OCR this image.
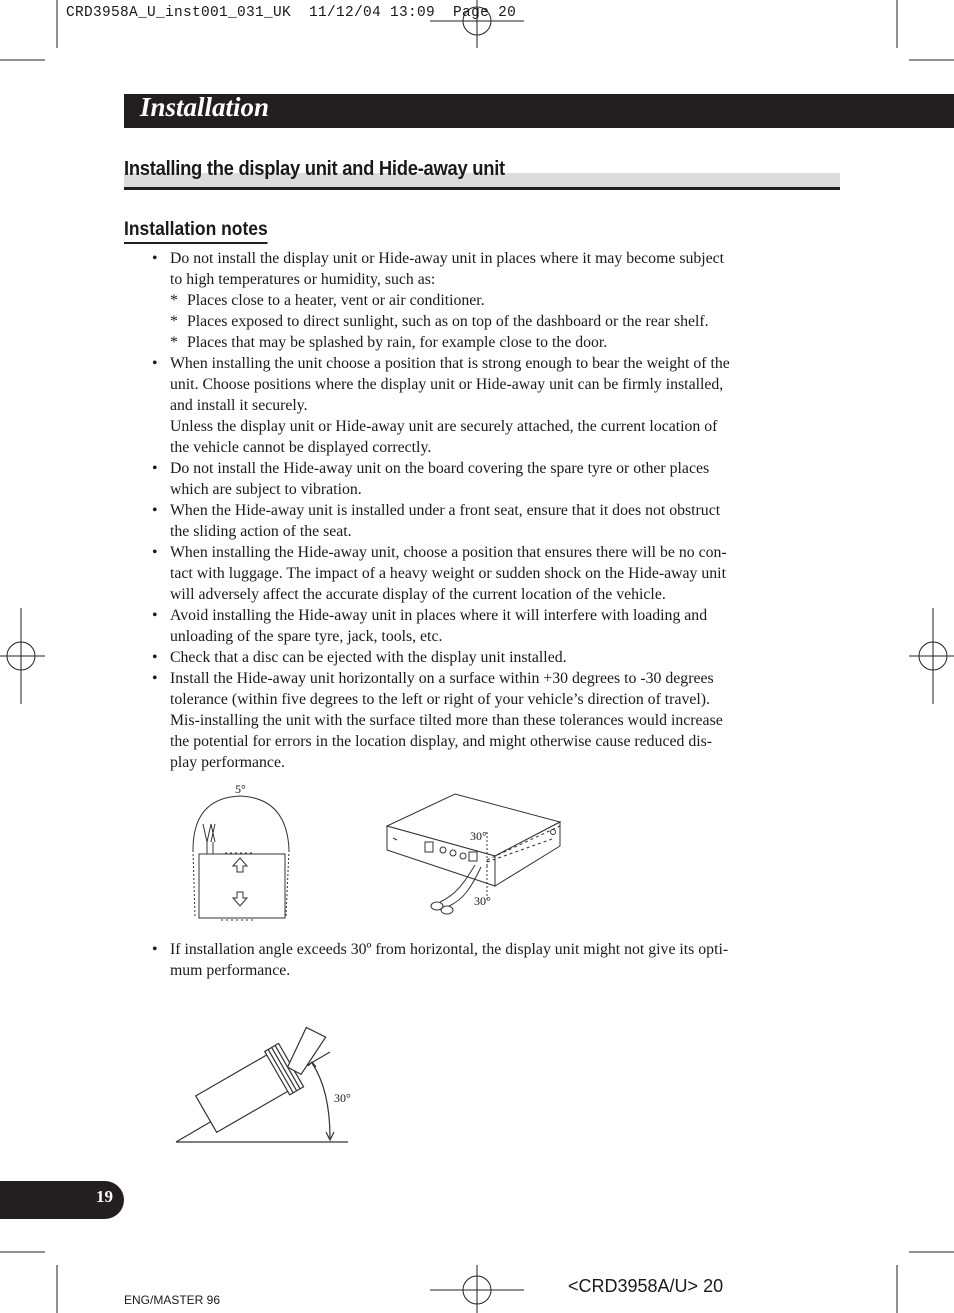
CRD3958A_U_inst001_031_UK  11/12/04 13:09  Page 20
Installation
Installing the display unit and Hide-away unit
Installation notes
• Do not install the display unit or Hide-away unit in places where it may become subject
to high temperatures or humidity, such as:
* Places close to a heater, vent or air conditioner.
* Places exposed to direct sunlight, such as on top of the dashboard or the rear shelf.
* Places that may be splashed by rain, for example close to the door.
• When installing the unit choose a position that is strong enough to bear the weight of the
unit. Choose positions where the display unit or Hide-away unit can be firmly installed,
and install it securely.
Unless the display unit or Hide-away unit are securely attached, the current location of
the vehicle cannot be displayed correctly.
• Do not install the Hide-away unit on the board covering the spare tyre or other places
which are subject to vibration.
• When the Hide-away unit is installed under a front seat, ensure that it does not obstruct
the sliding action of the seat.
• When installing the Hide-away unit, choose a position that ensures there will be no con-
tact with luggage. The impact of a heavy weight or sudden shock on the Hide-away unit
will adversely affect the accurate display of the current location of the vehicle.
• Avoid installing the Hide-away unit in places where it will interfere with loading and
unloading of the spare tyre, jack, tools, etc.
• Check that a disc can be ejected with the display unit installed.
• Install the Hide-away unit horizontally on a surface within +30 degrees to -30 degrees
tolerance (within five degrees to the left or right of your vehicle’s direction of travel).
Mis-installing the unit with the surface tilted more than these tolerances would increase
the potential for errors in the location display, and might otherwise cause reduced dis-
play performance.
5°
30°
30°
• If installation angle exceeds 30º from horizontal, the display unit might not give its opti-
mum performance.
30°
19
ENG/MASTER 96
<CRD3958A/U> 20
